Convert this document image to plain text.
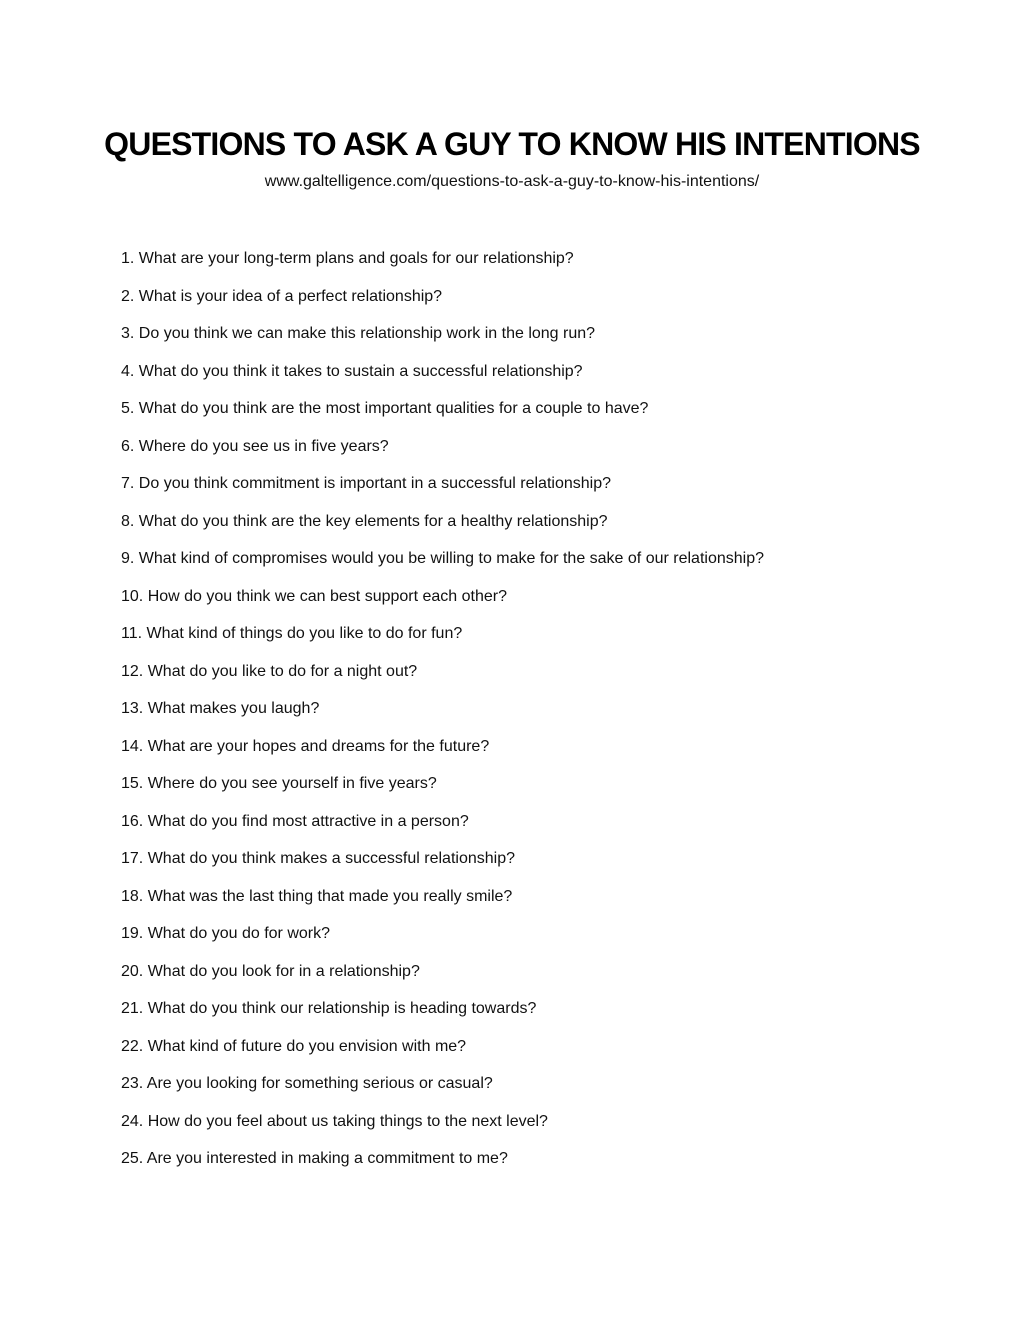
QUESTIONS TO ASK A GUY TO KNOW HIS INTENTIONS
www.galtelligence.com/questions-to-ask-a-guy-to-know-his-intentions/
1. What are your long-term plans and goals for our relationship?
2. What is your idea of a perfect relationship?
3. Do you think we can make this relationship work in the long run?
4. What do you think it takes to sustain a successful relationship?
5. What do you think are the most important qualities for a couple to have?
6. Where do you see us in five years?
7. Do you think commitment is important in a successful relationship?
8. What do you think are the key elements for a healthy relationship?
9. What kind of compromises would you be willing to make for the sake of our relationship?
10. How do you think we can best support each other?
11. What kind of things do you like to do for fun?
12. What do you like to do for a night out?
13. What makes you laugh?
14. What are your hopes and dreams for the future?
15. Where do you see yourself in five years?
16. What do you find most attractive in a person?
17. What do you think makes a successful relationship?
18. What was the last thing that made you really smile?
19. What do you do for work?
20. What do you look for in a relationship?
21. What do you think our relationship is heading towards?
22. What kind of future do you envision with me?
23. Are you looking for something serious or casual?
24. How do you feel about us taking things to the next level?
25. Are you interested in making a commitment to me?
